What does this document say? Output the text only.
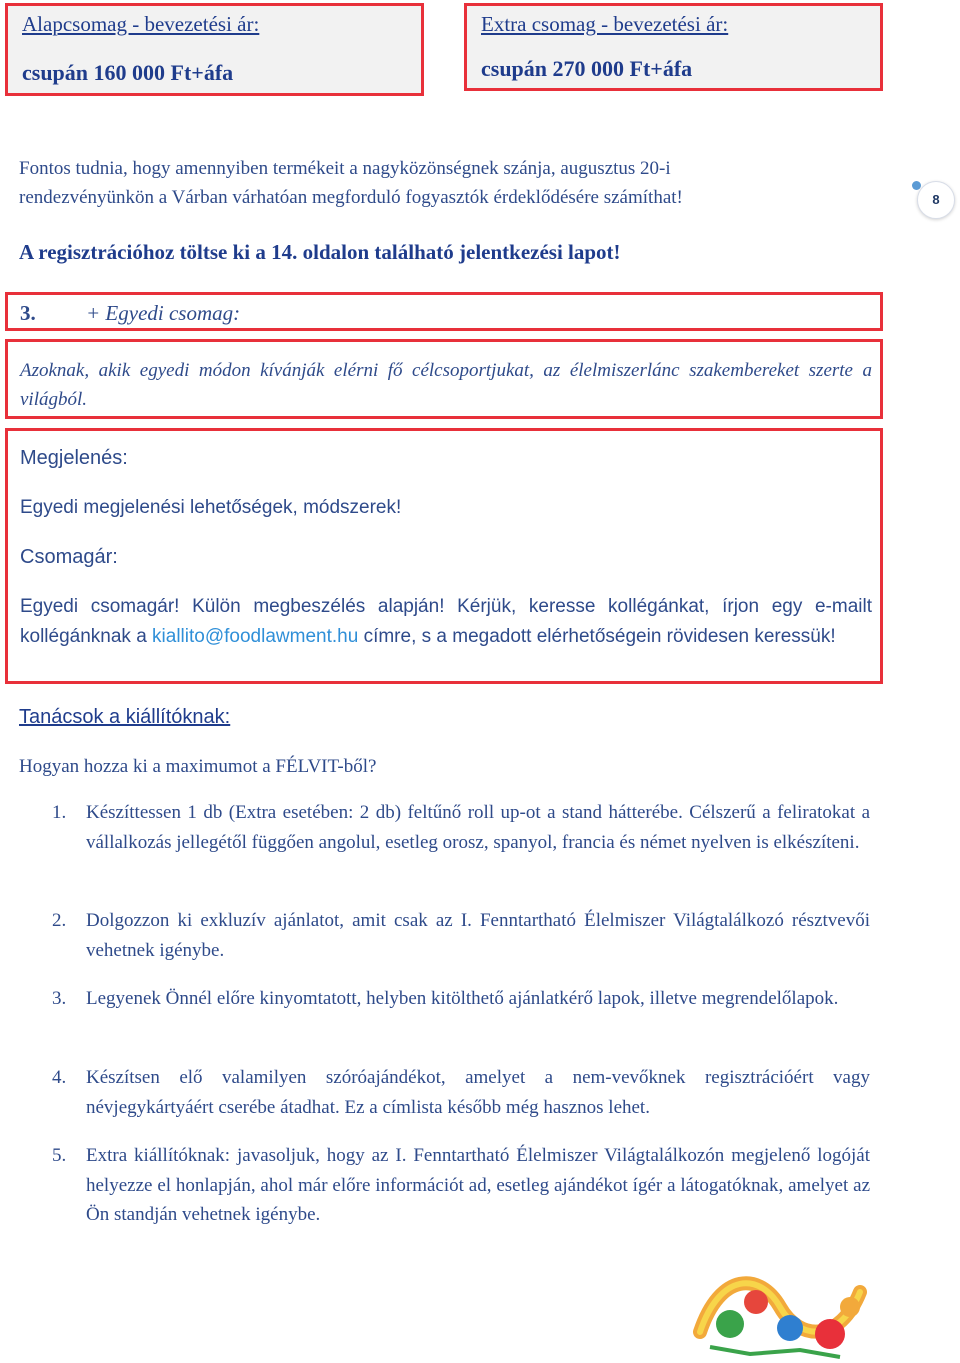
Alapcsomag - bevezetési ár:
csupán 160 000 Ft+áfa
Extra csomag - bevezetési ár:
csupán 270 000 Ft+áfa
Fontos tudnia, hogy amennyiben termékeit a nagyközönségnek szánja, augusztus 20-i
rendezvényünkön a Várban várhatóan megforduló fogyasztók érdeklődésére számíthat!	8
A regisztrációhoz töltse ki a 14. oldalon található jelentkezési lapot!
3. + Egyedi csomag:
Azoknak, akik egyedi módon kívánják elérni fő célcsoportjukat, az élelmiszerlánc szakembereket szerte a világból.
Megjelenés:
Egyedi megjelenési lehetőségek, módszerek!
Csomagár:
Egyedi csomagár! Külön megbeszélés alapján! Kérjük, keresse kollégánkat, írjon egy e-mailt kollégánknak a kiallito@foodlawment.hu címre, s a megadott elérhetőségein rövidesen keressük!
Tanácsok a kiállítóknak:
Hogyan hozza ki a maximumot a FÉLVIT-ből?
1. Készíttessen 1 db (Extra esetében: 2 db) feltűnő roll up-ot a stand hátterébe. Célszerű a feliratokat a vállalkozás jellegétől függően angolul, esetleg orosz, spanyol, francia és német nyelven is elkészíteni.
2. Dolgozzon ki exkluzív ajánlatot, amit csak az I. Fenntartható Élelmiszer Világtalálkozó résztvevői vehetnek igénybe.
3. Legyenek Önnél előre kinyomtatott, helyben kitölthető ajánlatkérő lapok, illetve megrendelőlapok.
4. Készítsen elő valamilyen szóróajándékot, amelyet a nem-vevőknek regisztrációért vagy névjegykártyáért cserébe átadhat. Ez a címlista később még hasznos lehet.
5. Extra kiállítóknak: javasoljuk, hogy az I. Fenntartható Élelmiszer Világtalálkozón megjelenő logóját helyezze el honlapján, ahol már előre információt ad, esetleg ajándékot ígér a látogatóknak, amelyet az Ön standján vehetnek igénybe.
